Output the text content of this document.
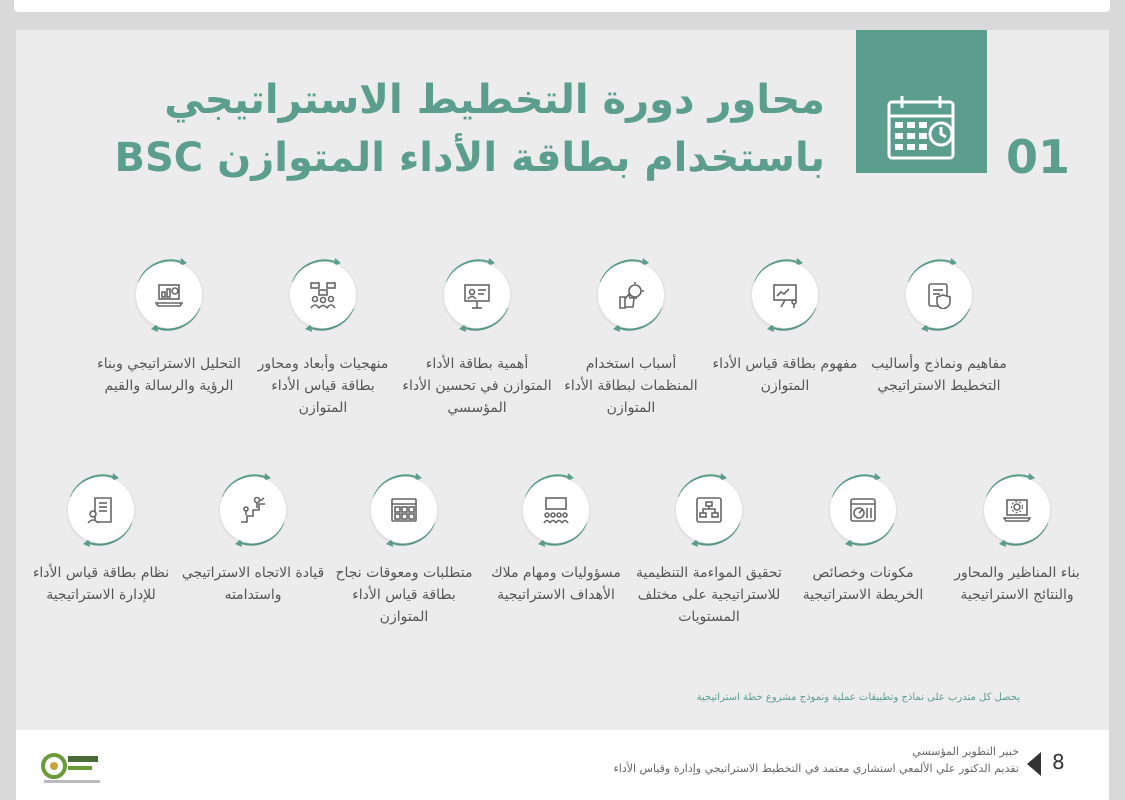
01
محاور دورة التخطيط الاستراتيجي
باستخدام بطاقة الأداء المتوازن BSC
مفاهيم ونماذج وأساليب التخطيط الاستراتيجي
مفهوم بطاقة قياس الأداء المتوازن
أسباب استخدام المنظمات لبطاقة الأداء المتوازن
أهمية بطاقة الأداء المتوازن في تحسين الأداء المؤسسي
منهجيات وأبعاد ومحاور بطاقة قياس الأداء المتوازن
التحليل الاستراتيجي وبناء الرؤية والرسالة والقيم
بناء المناظير والمحاور والنتائج الاستراتيجية
مكونات وخصائص الخريطة الاستراتيجية
تحقيق المواءمة التنظيمية للاستراتيجية على مختلف المستويات
مسؤوليات ومهام ملاك الأهداف الاستراتيجية
متطلبات ومعوقات نجاح بطاقة قياس الأداء المتوازن
قيادة الاتجاه الاستراتيجي واستدامته
نظام بطاقة قياس الأداء للإدارة الاستراتيجية
يحصل كل متدرب على نماذج وتطبيقات عملية ونموذج مشروع خطة استراتيجية
8
خبير التطوير المؤسسي
تقديم الدكتور علي الألمعي استشاري معتمد في التخطيط الاستراتيجي وإدارة وقياس الأداء
